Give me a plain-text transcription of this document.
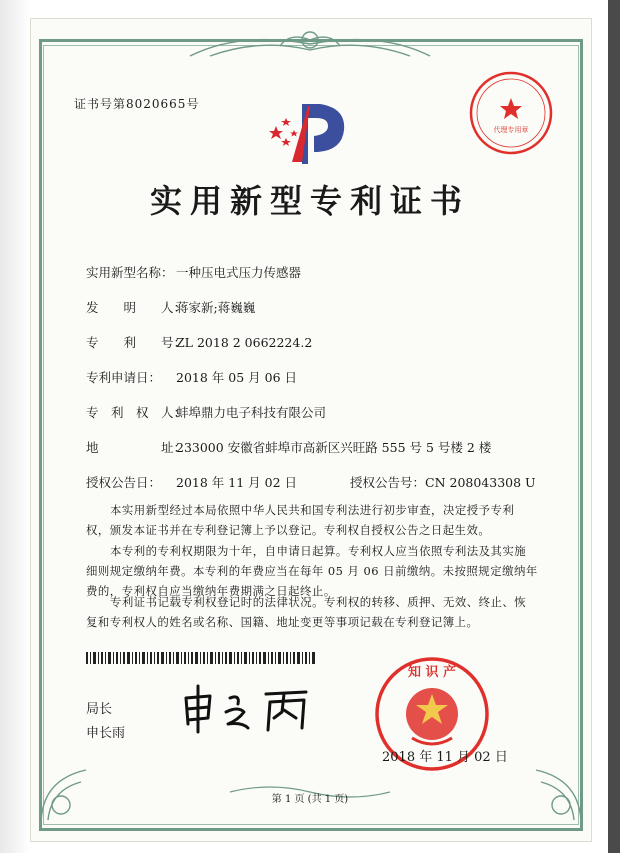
证书号第8020665号
实用新型专利证书
实用新型名称： 一种压电式压力传感器
发　　明　　人：蒋家新;蒋巍巍
专　　利　　号：ZL 2018 2 0662224.2
专利申请日： 2018 年 05 月 06 日
专　利　权　人：蚌埠鼎力电子科技有限公司
地　　　　　址：233000 安徽省蚌埠市高新区兴旺路 555 号 5 号楼 2 楼
授权公告日： 2018 年 11 月 02 日	授权公告号：CN 208043308 U
本实用新型经过本局依照中华人民共和国专利法进行初步审查，决定授予专利权，颁发本证书并在专利登记簿上予以登记。专利权自授权公告之日起生效。
本专利的专利权期限为十年，自申请日起算。专利权人应当依照专利法及其实施细则规定缴纳年费。本专利的年费应当在每年 05 月 06 日前缴纳。未按照规定缴纳年费的，专利权自应当缴纳年费期满之日起终止。
专利证书记载专利权登记时的法律状况。专利权的转移、质押、无效、终止、恢复和专利权人的姓名或名称、国籍、地址变更等事项记载在专利登记簿上。
局长
申长雨
代理专用章
知 识 产
2018 年 11 月 02 日
第 1 页 (共 1 页)
